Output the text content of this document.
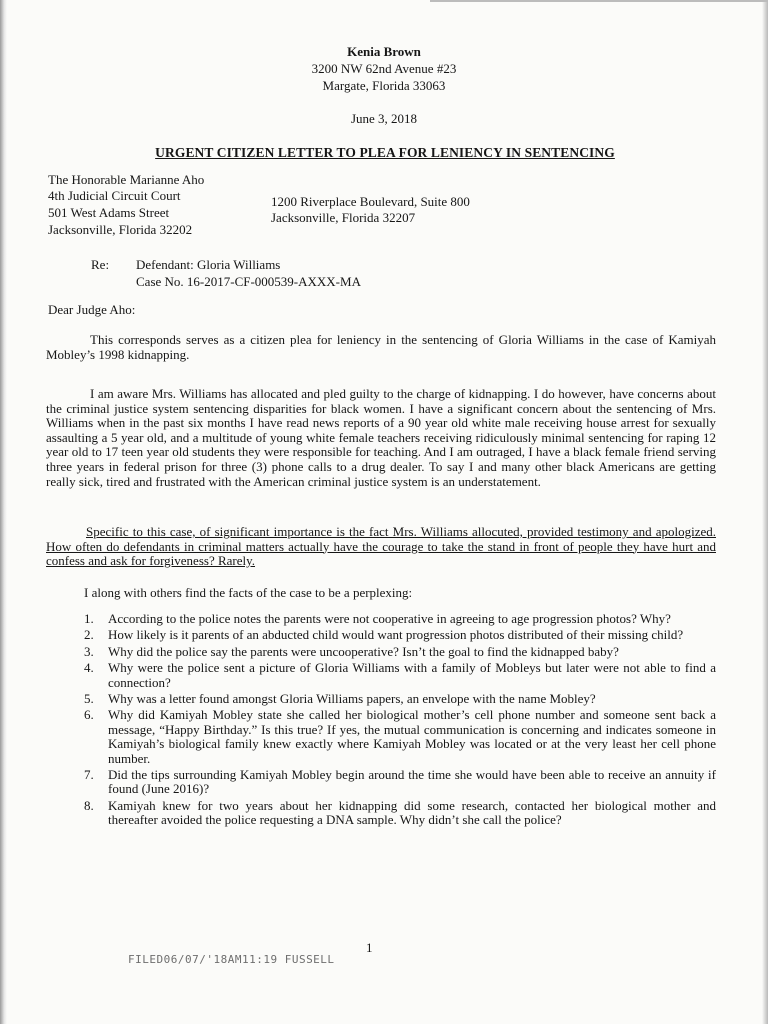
Kenia Brown
3200 NW 62nd Avenue #23
Margate, Florida 33063
June 3, 2018
URGENT CITIZEN LETTER TO PLEA FOR LENIENCY IN SENTENCING
The Honorable Marianne Aho
4th Judicial Circuit Court
501 West Adams Street
Jacksonville, Florida 32202
1200 Riverplace Boulevard, Suite 800
Jacksonville, Florida 32207
Re: Defendant: Gloria Williams
Case No. 16-2017-CF-000539-AXXX-MA
Dear Judge Aho:
This corresponds serves as a citizen plea for leniency in the sentencing of Gloria Williams in the case of Kamiyah Mobley’s 1998 kidnapping.
I am aware Mrs. Williams has allocated and pled guilty to the charge of kidnapping. I do however, have concerns about the criminal justice system sentencing disparities for black women. I have a significant concern about the sentencing of Mrs. Williams when in the past six months I have read news reports of a 90 year old white male receiving house arrest for sexually assaulting a 5 year old, and a multitude of young white female teachers receiving ridiculously minimal sentencing for raping 12 year old to 17 teen year old students they were responsible for teaching. And I am outraged, I have a black female friend serving three years in federal prison for three (3) phone calls to a drug dealer. To say I and many other black Americans are getting really sick, tired and frustrated with the American criminal justice system is an understatement.
Specific to this case, of significant importance is the fact Mrs. Williams allocuted, provided testimony and apologized. How often do defendants in criminal matters actually have the courage to take the stand in front of people they have hurt and confess and ask for forgiveness? Rarely.
I along with others find the facts of the case to be a perplexing:
1. According to the police notes the parents were not cooperative in agreeing to age progression photos? Why?
2. How likely is it parents of an abducted child would want progression photos distributed of their missing child?
3. Why did the police say the parents were uncooperative? Isn’t the goal to find the kidnapped baby?
4. Why were the police sent a picture of Gloria Williams with a family of Mobleys but later were not able to find a connection?
5. Why was a letter found amongst Gloria Williams papers, an envelope with the name Mobley?
6. Why did Kamiyah Mobley state she called her biological mother’s cell phone number and someone sent back a message, “Happy Birthday.” Is this true? If yes, the mutual communication is concerning and indicates someone in Kamiyah’s biological family knew exactly where Kamiyah Mobley was located or at the very least her cell phone number.
7. Did the tips surrounding Kamiyah Mobley begin around the time she would have been able to receive an annuity if found (June 2016)?
8. Kamiyah knew for two years about her kidnapping did some research, contacted her biological mother and thereafter avoided the police requesting a DNA sample. Why didn’t she call the police?
1
FILED06/07/'18AM11:19 FUSSELL
